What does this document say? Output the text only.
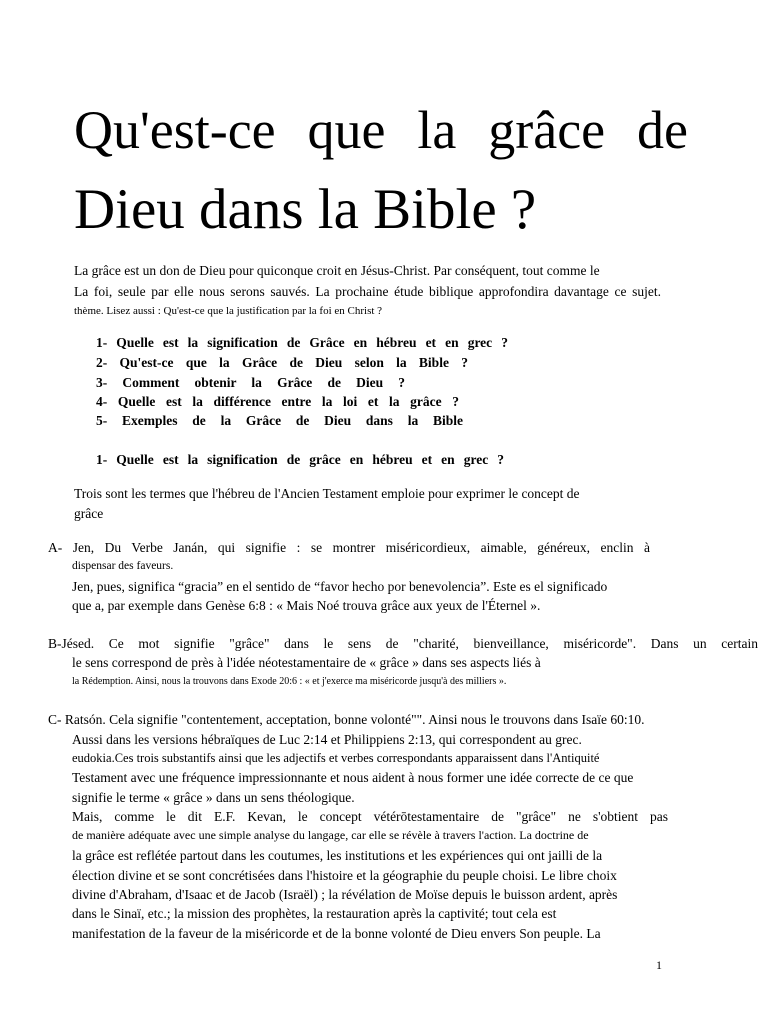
Qu'est-ce que la grâce de
Dieu dans la Bible ?
La grâce est un don de Dieu pour quiconque croit en Jésus-Christ. Par conséquent, tout comme le
La foi, seule par elle nous serons sauvés. La prochaine étude biblique approfondira davantage ce sujet.
thème. Lisez aussi : Qu'est-ce que la justification par la foi en Christ ?
1- Quelle est la signification de Grâce en hébreu et en grec ?
2- Qu'est-ce que la Grâce de Dieu selon la Bible ?
3- Comment obtenir la Grâce de Dieu ?
4- Quelle est la différence entre la loi et la grâce ?
5- Exemples de la Grâce de Dieu dans la Bible
1- Quelle est la signification de grâce en hébreu et en grec ?
Trois sont les termes que l'hébreu de l'Ancien Testament emploie pour exprimer le concept de
grâce
A- Jen, Du Verbe Janán, qui signifie : se montrer miséricordieux, aimable, généreux, enclin à
dispensar des faveurs.
Jen, pues, significa “gracia” en el sentido de “favor hecho por benevolencia”. Este es el significado
que a, par exemple dans Genèse 6:8 : « Mais Noé trouva grâce aux yeux de l'Éternel ».
B-Jésed. Ce mot signifie "grâce" dans le sens de "charité, bienveillance, miséricorde". Dans un certain
le sens correspond de près à l'idée néotestamentaire de « grâce » dans ses aspects liés à
la Rédemption. Ainsi, nous la trouvons dans Exode 20:6 : « et j'exerce ma miséricorde jusqu'à des milliers ».
C- Ratsón. Cela signifie "contentement, acceptation, bonne volonté"". Ainsi nous le trouvons dans Isaïe 60:10.
Aussi dans les versions hébraïques de Luc 2:14 et Philippiens 2:13, qui correspondent au grec.
eudokia.Ces trois substantifs ainsi que les adjectifs et verbes correspondants apparaissent dans l'Antiquité
Testament avec une fréquence impressionnante et nous aident à nous former une idée correcte de ce que
signifie le terme « grâce » dans un sens théologique.
Mais, comme le dit E.F. Kevan, le concept vétérōtestamentaire de "grâce" ne s'obtient pas
de manière adéquate avec une simple analyse du langage, car elle se révèle à travers l'action. La doctrine de
la grâce est reflétée partout dans les coutumes, les institutions et les expériences qui ont jailli de la
élection divine et se sont concrétisées dans l'histoire et la géographie du peuple choisi. Le libre choix
divine d'Abraham, d'Isaac et de Jacob (Israël) ; la révélation de Moïse depuis le buisson ardent, après
dans le Sinaï, etc.; la mission des prophètes, la restauration après la captivité; tout cela est
manifestation de la faveur de la miséricorde et de la bonne volonté de Dieu envers Son peuple. La
1
